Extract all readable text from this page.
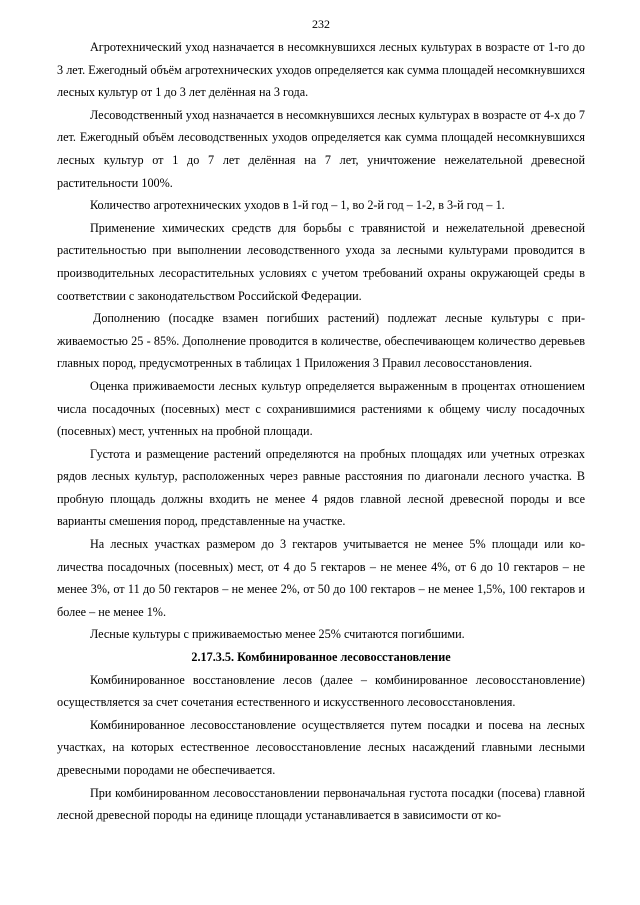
232

Агротехнический уход назначается в несомкнувшихся лесных культурах в возрасте от 1-го до 3 лет. Ежегодный объём агротехнических уходов определяется как сумма площадей несомкнувшихся лесных культур от 1 до 3 лет делённая на 3 года.

Лесоводственный уход назначается в несомкнувшихся лесных культурах в возрасте от 4-х до 7 лет. Ежегодный объём лесоводственных уходов определяется как сумма площадей несомкнувшихся лесных культур от 1 до 7 лет делённая на 7 лет, уничтожение нежелательной древесной растительности 100%.

Количество агротехнических уходов в 1-й год – 1, во 2-й год – 1-2, в 3-й год – 1.

Применение химических средств для борьбы с травянистой и нежелательной древесной растительностью при выполнении лесоводственного ухода за лесными культурами проводится в производительных лесорастительных условиях с учетом требований охраны окружающей среды в соответствии с законодательством Российской Федерации.

Дополнению (посадке взамен погибших растений) подлежат лесные культуры с приживаемостью 25 - 85%. Дополнение проводится в количестве, обеспечивающем количество деревьев главных пород, предусмотренных в таблицах 1 Приложения 3 Правил лесовосстановления.

Оценка приживаемости лесных культур определяется выраженным в процентах отношением числа посадочных (посевных) мест с сохранившимися растениями к общему числу посадочных (посевных) мест, учтенных на пробной площади.

Густота и размещение растений определяются на пробных площадях или учетных отрезках рядов лесных культур, расположенных через равные расстояния по диагонали лесного участка. В пробную площадь должны входить не менее 4 рядов главной лесной древесной породы и все варианты смешения пород, представленные на участке.

На лесных участках размером до 3 гектаров учитывается не менее 5% площади или количества посадочных (посевных) мест, от 4 до 5 гектаров – не менее 4%, от 6 до 10 гектаров – не менее 3%, от 11 до 50 гектаров – не менее 2%, от 50 до 100 гектаров – не менее 1,5%, 100 гектаров и более – не менее 1%.

Лесные культуры с приживаемостью менее 25% считаются погибшими.

2.17.3.5. Комбинированное лесовосстановление

Комбинированное восстановление лесов (далее – комбинированное лесовосстановление) осуществляется за счет сочетания естественного и искусственного лесовосстановления.

Комбинированное лесовосстановление осуществляется путем посадки и посева на лесных участках, на которых естественное лесовосстановление лесных насаждений главными лесными древесными породами не обеспечивается.

При комбинированном лесовосстановлении первоначальная густота посадки (посева) главной лесной древесной породы на единице площади устанавливается в зависимости от ко-
